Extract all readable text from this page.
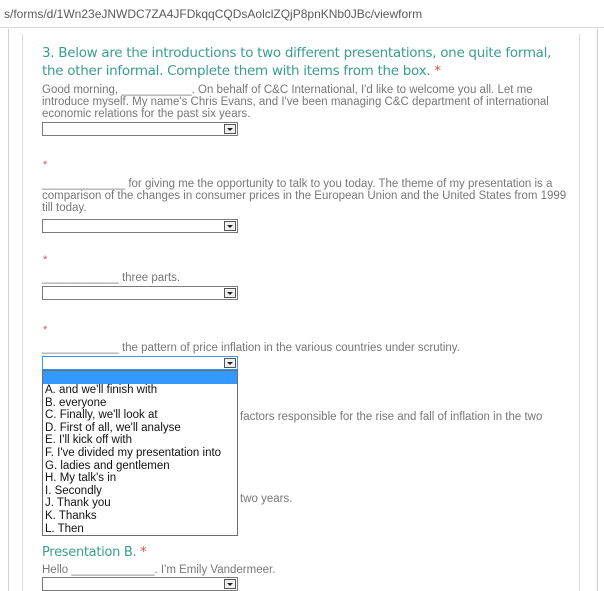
s/forms/d/1Wn23eJNWDC7ZA4JFDkqqCQDsAolclZQjP8pnKNb0JBc/viewform
3. Below are the introductions to two different presentations, one quite formal, the other informal. Complete them with items from the box. *
Good morning, ___________. On behalf of C&C International, I'd like to welcome you all. Let me introduce myself. My name's Chris Evans, and I've been managing C&C department of international economic relations for the past six years.
*
_____________ for giving me the opportunity to talk to you today. The theme of my presentation is a comparison of the changes in consumer prices in the European Union and the United States from 1999 till today.
*
____________ three parts.
*
____________ the pattern of price inflation in the various countries under scrutiny.
factors responsible for the rise and fall of inflation in the two
two years.
A. and we'll finish with
B. everyone
C. Finally, we'll look at
D. First of all, we'll analyse
E. I'll kick off with
F. I've divided my presentation into
G. ladies and gentlemen
H. My talk's in
I. Secondly
J. Thank you
K. Thanks
L. Then
Presentation B. *
Hello _____________. I'm Emily Vandermeer.
